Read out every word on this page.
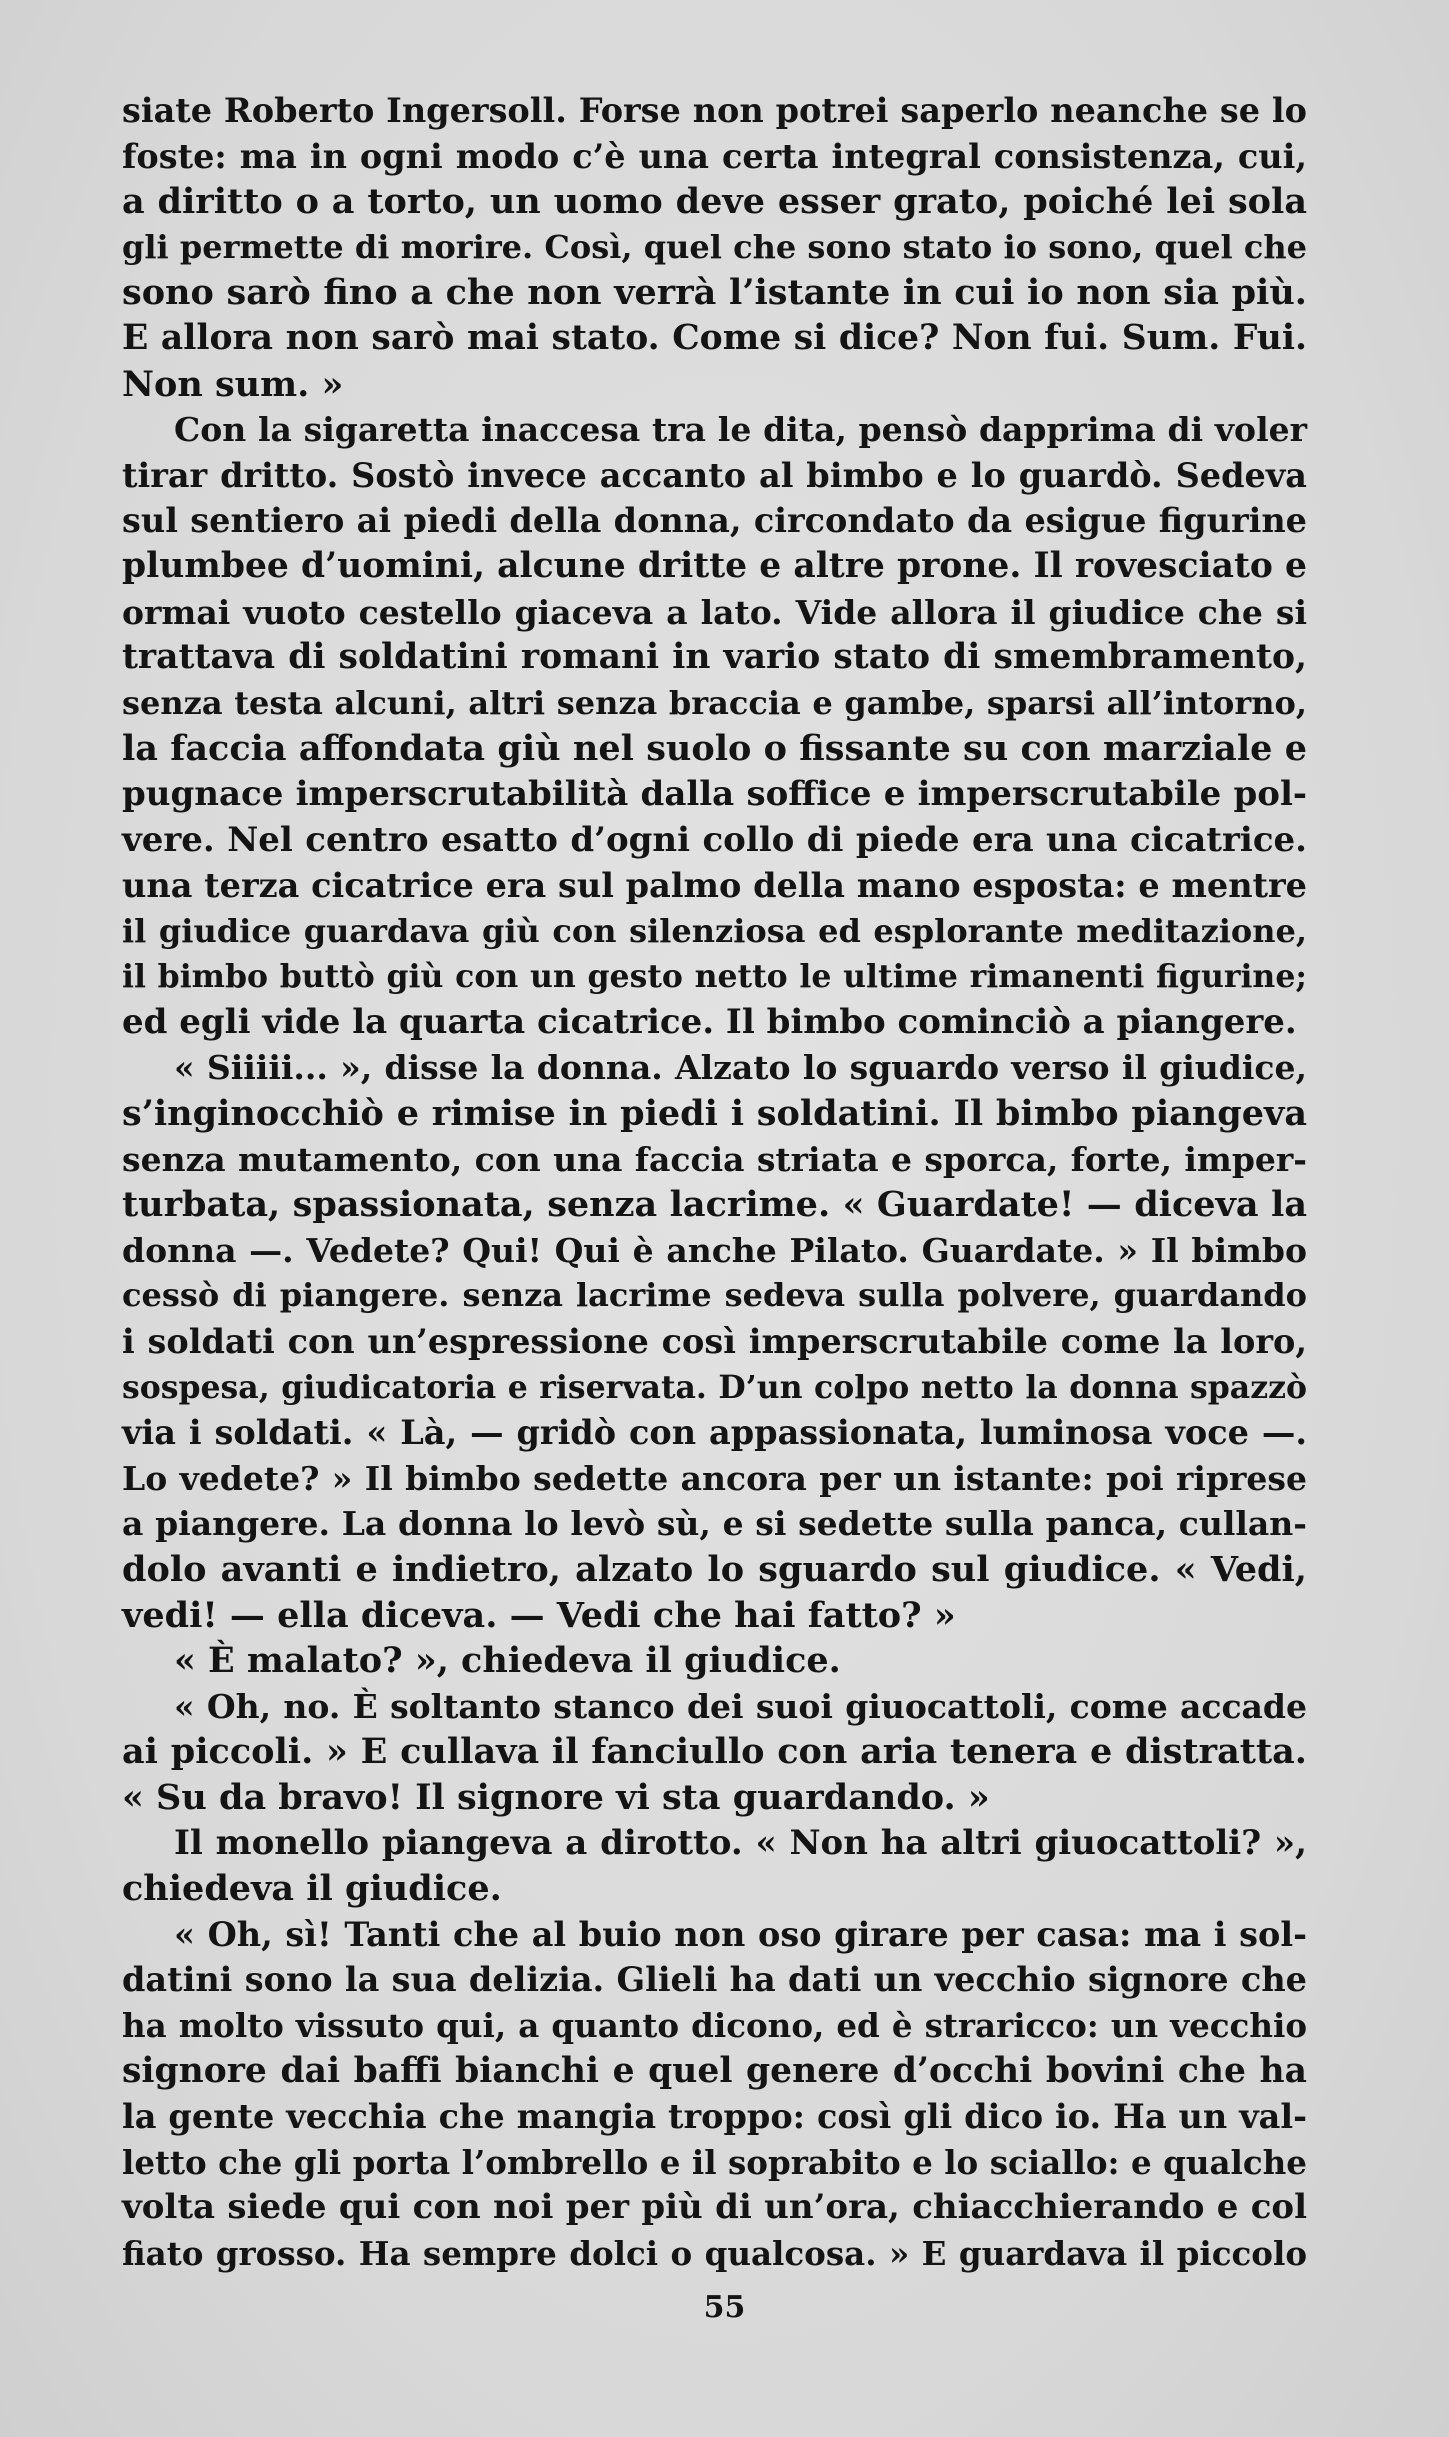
siate Roberto Ingersoll. Forse non potrei saperlo neanche se lo
foste: ma in ogni modo c’è una certa integral consistenza, cui,
a diritto o a torto, un uomo deve esser grato, poiché lei sola
gli permette di morire. Così, quel che sono stato io sono, quel che
sono sarò fino a che non verrà l’istante in cui io non sia più.
E allora non sarò mai stato. Come si dice? Non fui. Sum. Fui.
Non sum. »
Con la sigaretta inaccesa tra le dita, pensò dapprima di voler
tirar dritto. Sostò invece accanto al bimbo e lo guardò. Sedeva
sul sentiero ai piedi della donna, circondato da esigue figurine
plumbee d’uomini, alcune dritte e altre prone. Il rovesciato e
ormai vuoto cestello giaceva a lato. Vide allora il giudice che si
trattava di soldatini romani in vario stato di smembramento,
senza testa alcuni, altri senza braccia e gambe, sparsi all’intorno,
la faccia affondata giù nel suolo o fissante su con marziale e
pugnace imperscrutabilità dalla soffice e imperscrutabile pol-
vere. Nel centro esatto d’ogni collo di piede era una cicatrice.
una terza cicatrice era sul palmo della mano esposta: e mentre
il giudice guardava giù con silenziosa ed esplorante meditazione,
il bimbo buttò giù con un gesto netto le ultime rimanenti figurine;
ed egli vide la quarta cicatrice. Il bimbo cominciò a piangere.
« Siiiii... », disse la donna. Alzato lo sguardo verso il giudice,
s’inginocchiò e rimise in piedi i soldatini. Il bimbo piangeva
senza mutamento, con una faccia striata e sporca, forte, imper-
turbata, spassionata, senza lacrime. « Guardate! — diceva la
donna —. Vedete? Qui! Qui è anche Pilato. Guardate. » Il bimbo
cessò di piangere. senza lacrime sedeva sulla polvere, guardando
i soldati con un’espressione così imperscrutabile come la loro,
sospesa, giudicatoria e riservata. D’un colpo netto la donna spazzò
via i soldati. « Là, — gridò con appassionata, luminosa voce —.
Lo vedete? » Il bimbo sedette ancora per un istante: poi riprese
a piangere. La donna lo levò sù, e si sedette sulla panca, cullan-
dolo avanti e indietro, alzato lo sguardo sul giudice. « Vedi,
vedi! — ella diceva. — Vedi che hai fatto? »
« È malato? », chiedeva il giudice.
« Oh, no. È soltanto stanco dei suoi giuocattoli, come accade
ai piccoli. » E cullava il fanciullo con aria tenera e distratta.
« Su da bravo! Il signore vi sta guardando. »
Il monello piangeva a dirotto. « Non ha altri giuocattoli? »,
chiedeva il giudice.
« Oh, sì! Tanti che al buio non oso girare per casa: ma i sol-
datini sono la sua delizia. Glieli ha dati un vecchio signore che
ha molto vissuto qui, a quanto dicono, ed è straricco: un vecchio
signore dai baffi bianchi e quel genere d’occhi bovini che ha
la gente vecchia che mangia troppo: così gli dico io. Ha un val-
letto che gli porta l’ombrello e il soprabito e lo sciallo: e qualche
volta siede qui con noi per più di un’ora, chiacchierando e col
fiato grosso. Ha sempre dolci o qualcosa. » E guardava il piccolo
55
